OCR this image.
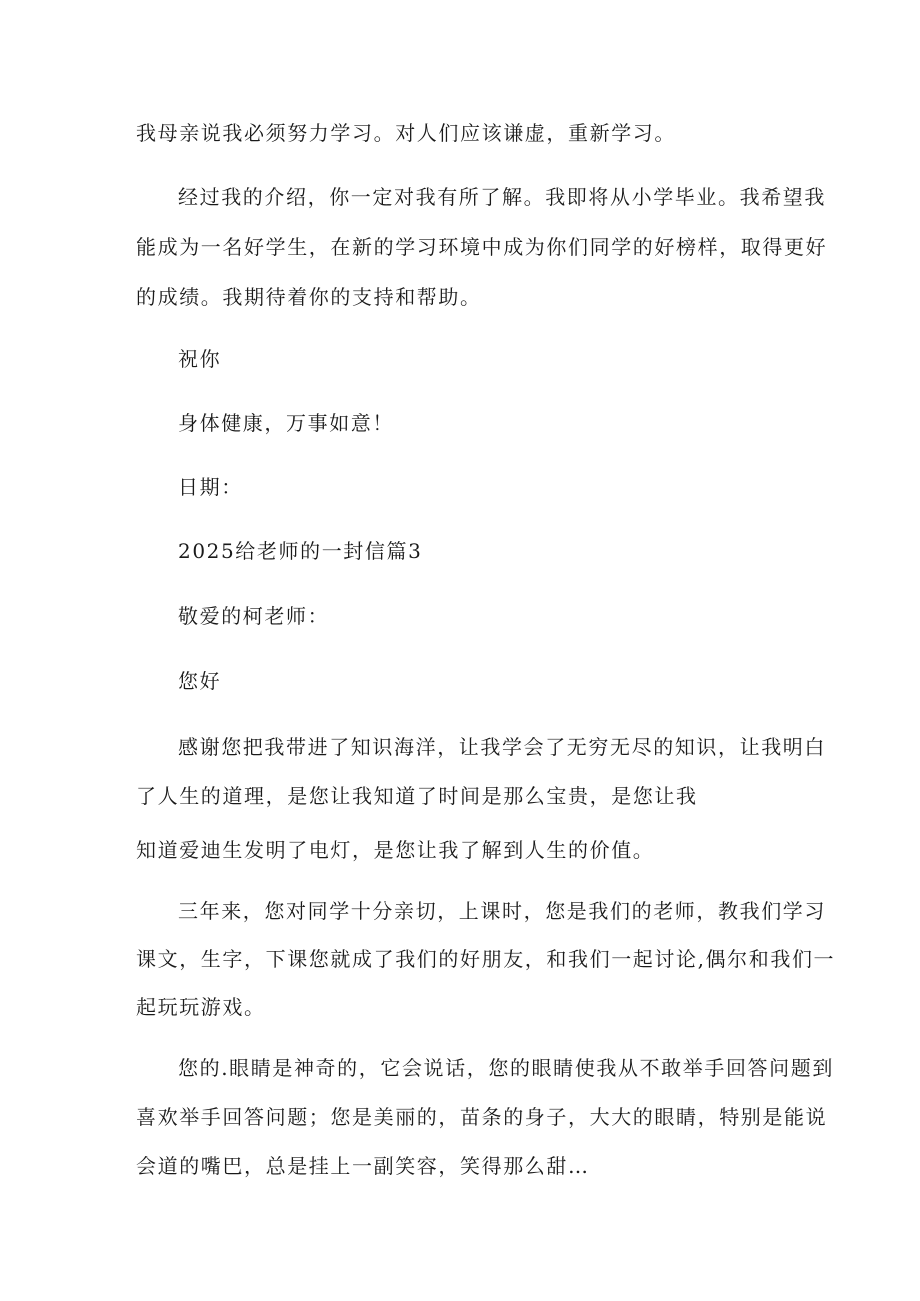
我母亲说我必须努力学习。对人们应该谦虚，重新学习。
经过我的介绍，你一定对我有所了解。我即将从小学毕业。我希望我
能成为一名好学生，在新的学习环境中成为你们同学的好榜样，取得更好
的成绩。我期待着你的支持和帮助。
祝你
身体健康，万事如意！
日期：
2025给老师的一封信篇3
敬爱的柯老师：
您好
感谢您把我带进了知识海洋，让我学会了无穷无尽的知识，让我明白
了人生的道理，是您让我知道了时间是那么宝贵，是您让我
知道爱迪生发明了电灯，是您让我了解到人生的价值。
三年来，您对同学十分亲切，上课时，您是我们的老师，教我们学习
课文，生字，下课您就成了我们的好朋友，和我们一起讨论,偶尔和我们一
起玩玩游戏。
您的.眼睛是神奇的，它会说话，您的眼睛使我从不敢举手回答问题到
喜欢举手回答问题；您是美丽的，苗条的身子，大大的眼睛，特别是能说
会道的嘴巴，总是挂上一副笑容，笑得那么甜…
